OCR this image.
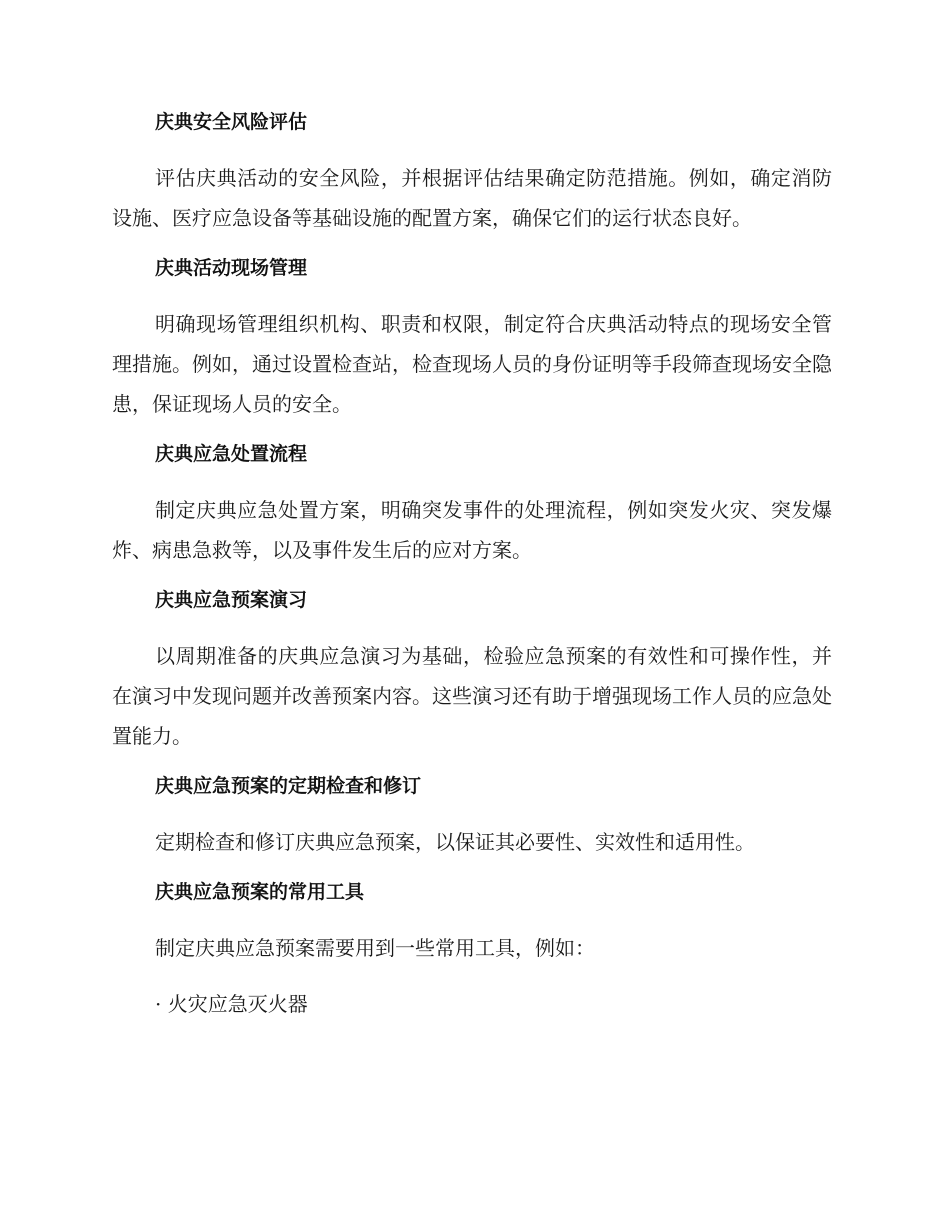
庆典安全风险评估

评估庆典活动的安全风险，并根据评估结果确定防范措施。例如，确定消防设施、医疗应急设备等基础设施的配置方案，确保它们的运行状态良好。

庆典活动现场管理

明确现场管理组织机构、职责和权限，制定符合庆典活动特点的现场安全管理措施。例如，通过设置检查站，检查现场人员的身份证明等手段筛查现场安全隐患，保证现场人员的安全。

庆典应急处置流程

制定庆典应急处置方案，明确突发事件的处理流程，例如突发火灾、突发爆炸、病患急救等，以及事件发生后的应对方案。

庆典应急预案演习

以周期准备的庆典应急演习为基础，检验应急预案的有效性和可操作性，并在演习中发现问题并改善预案内容。这些演习还有助于增强现场工作人员的应急处置能力。

庆典应急预案的定期检查和修订

定期检查和修订庆典应急预案，以保证其必要性、实效性和适用性。

庆典应急预案的常用工具

制定庆典应急预案需要用到一些常用工具，例如：

· 火灾应急灭火器
